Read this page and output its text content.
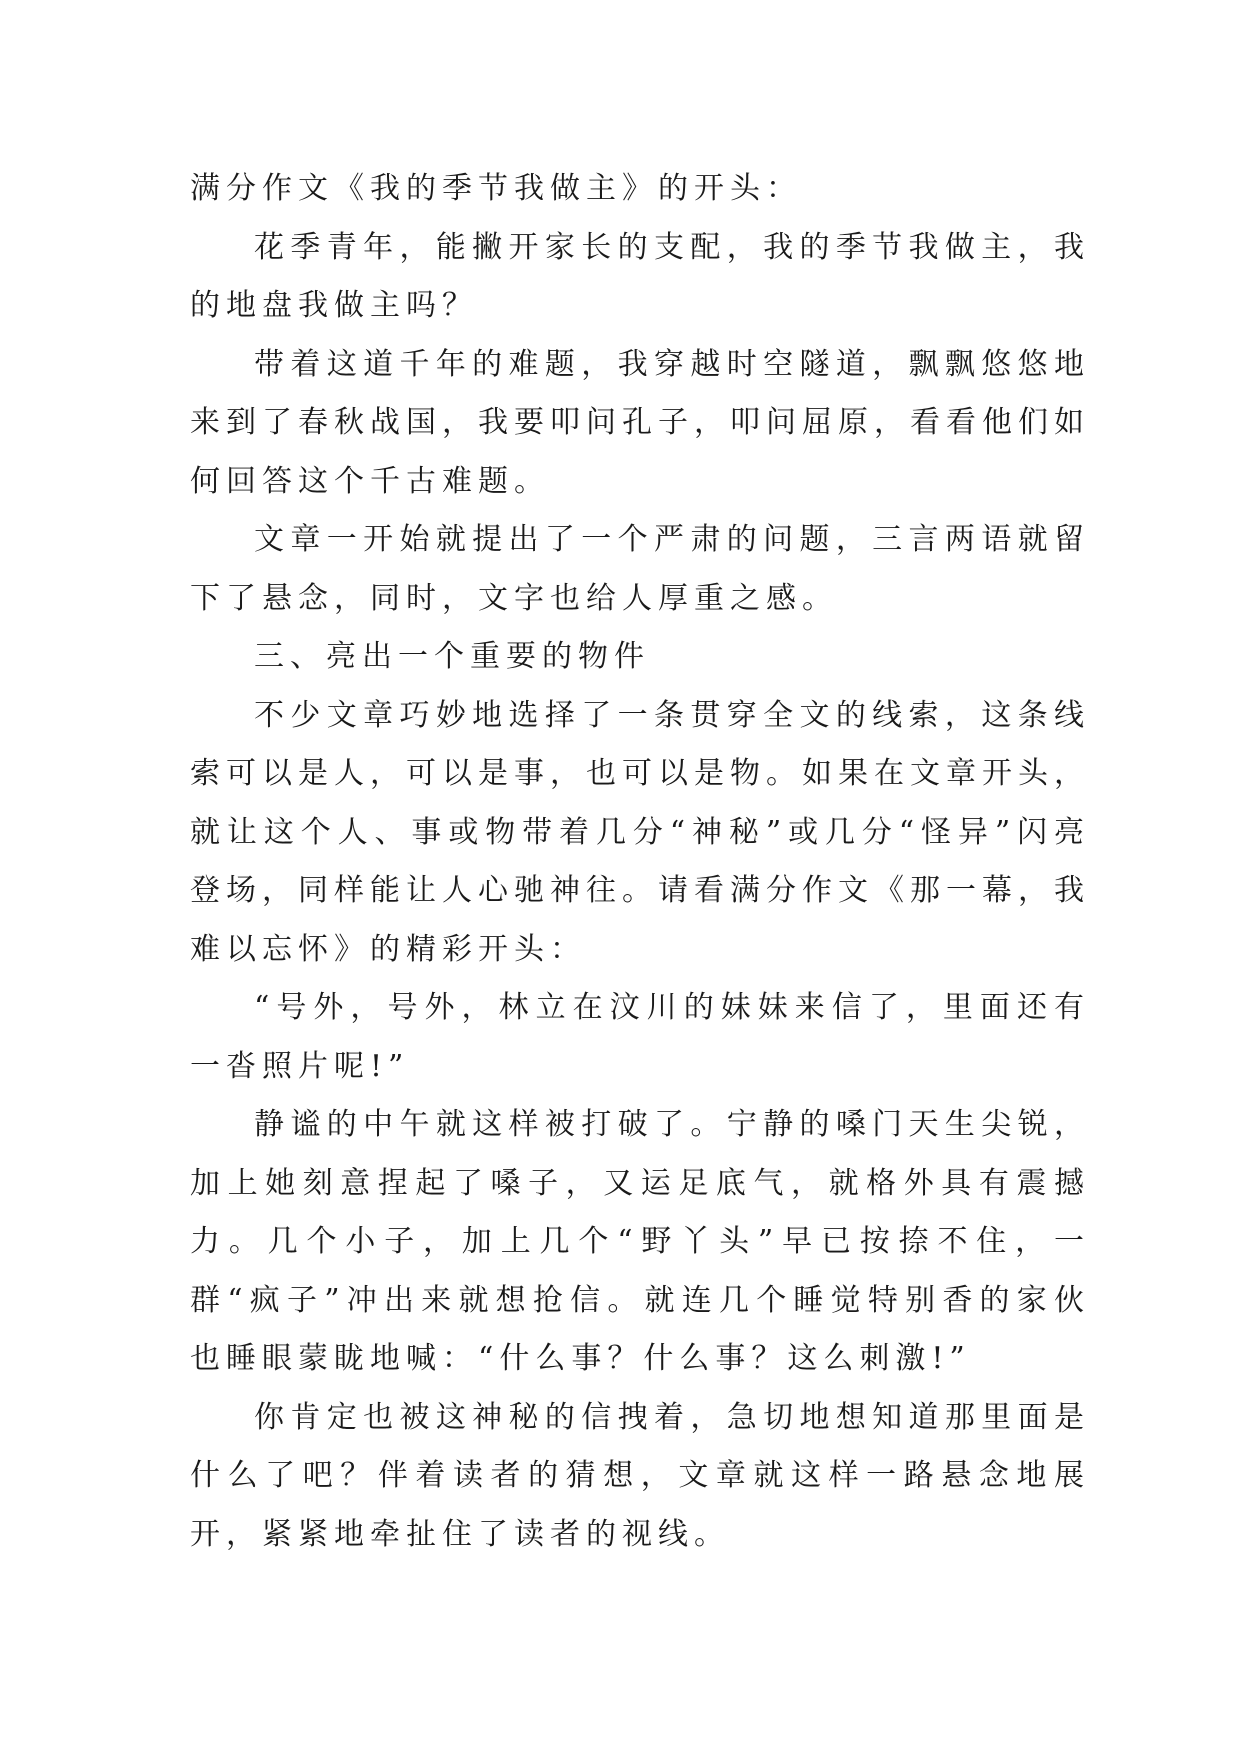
满分作文《我的季节我做主》的开头：

花季青年，能撇开家长的支配，我的季节我做主，我的地盘我做主吗？

带着这道千年的难题，我穿越时空隧道，飘飘悠悠地来到了春秋战国，我要叩问孔子，叩问屈原，看看他们如何回答这个千古难题。

文章一开始就提出了一个严肃的问题，三言两语就留下了悬念，同时，文字也给人厚重之感。

三、亮出一个重要的物件

不少文章巧妙地选择了一条贯穿全文的线索，这条线索可以是人，可以是事，也可以是物。如果在文章开头，就让这个人、事或物带着几分“神秘”或几分“怪异”闪亮登场，同样能让人心驰神往。请看满分作文《那一幕，我难以忘怀》的精彩开头：

“号外，号外，林立在汶川的妹妹来信了，里面还有一沓照片呢!”

静谧的中午就这样被打破了。宁静的嗓门天生尖锐，加上她刻意捏起了嗓子，又运足底气，就格外具有震撼力。几个小子，加上几个“野丫头”早已按捺不住，一群“疯子”冲出来就想抢信。就连几个睡觉特别香的家伙也睡眼蒙眬地喊：“什么事？什么事？这么刺激!”

你肯定也被这神秘的信拽着，急切地想知道那里面是什么了吧？伴着读者的猜想，文章就这样一路悬念地展开，紧紧地牵扯住了读者的视线。
